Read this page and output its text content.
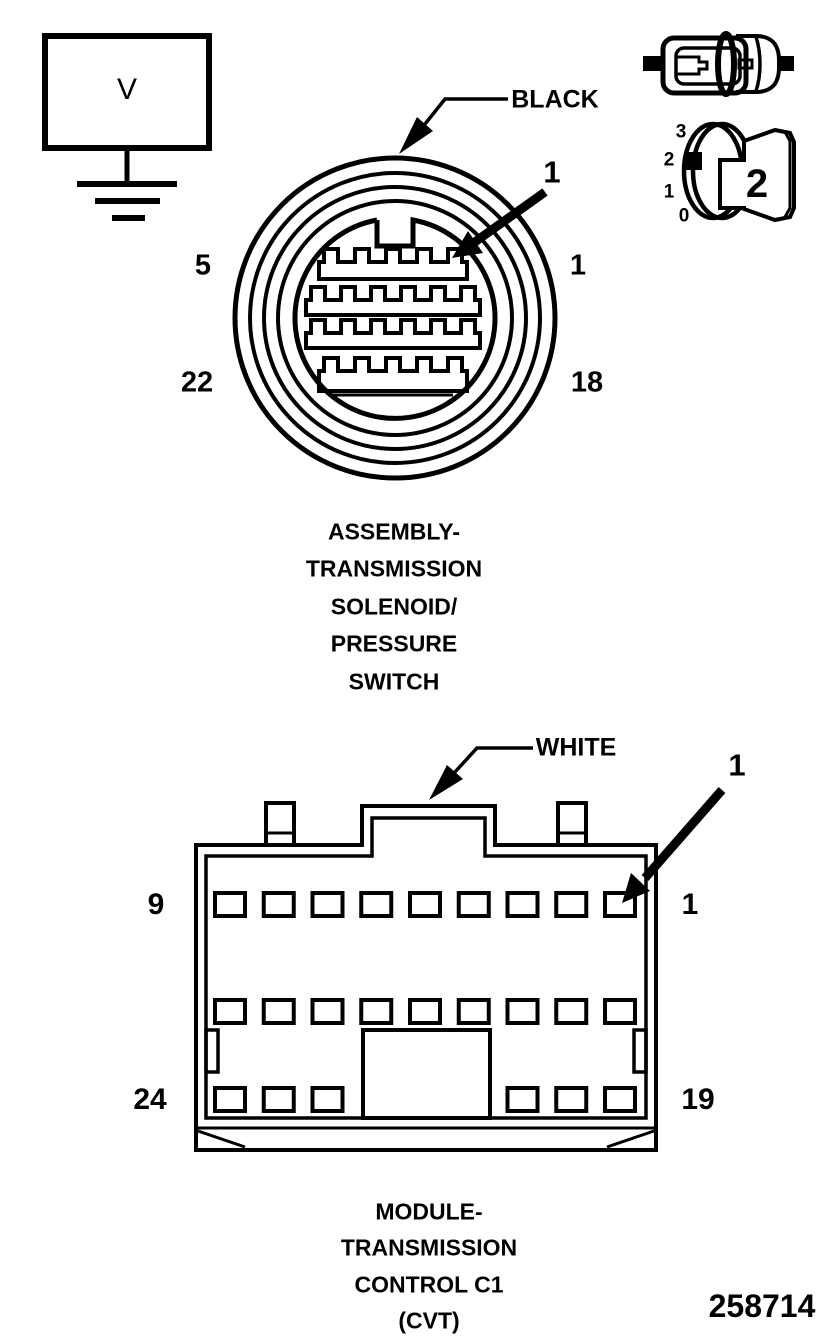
V
3
2
1
0
2
BLACK
1
5	1
22	18
ASSEMBLY-
TRANSMISSION
SOLENOID/
PRESSURE
SWITCH
WHITE	1
9	1
24	19
MODULE-
TRANSMISSION
CONTROL C1
(CVT)	258714
